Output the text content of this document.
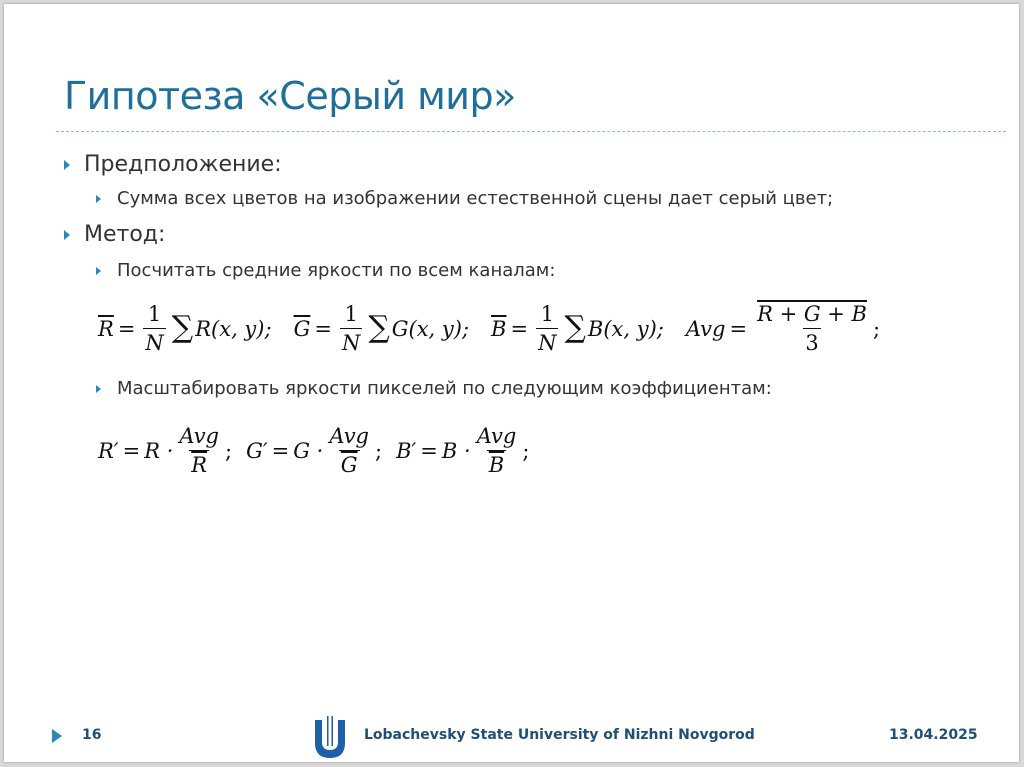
Гипотеза «Серый мир»
Предположение:
Сумма всех цветов на изображении естественной сцены дает серый цвет;
Метод:
Посчитать средние яркости по всем каналам:
$\overline{R} = \frac{1}{N}$ ∑ R(x, y); $\overline{G} = \frac{1}{N}$ ∑ G(x, y); $\overline{B} = \frac{1}{N}$ ∑ B(x, y); Avg = $\frac{R + G + B}{3}$ ;
Масштабировать яркости пикселей по следующим коэффициентам:
$R' = R \cdot \frac{\text{Avg}}{R}$ ; $G' = G \cdot \frac{\text{Avg}}{G}$ ; $B' = B \cdot \frac{\text{Avg}}{B}$ ;
16	Lobachevsky State University of Nizhni Novgorod	13.04.2025
